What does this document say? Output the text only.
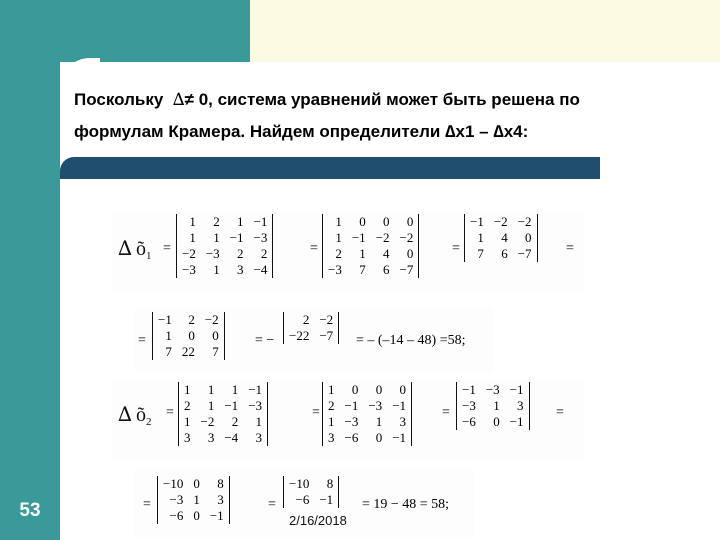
Поскольку ∆≠ 0, система уравнений может быть решена по
формулам Крамера. Найдем определители ∆x1 – ∆x4:
∆ $õ_1$ =
1	2	1	−1
1	1	−1	−3
−2	−3	2	2
−3	1	3	−4
=
1	0	0	0
1	−1	−2	−2
2	1	4	0
−3	7	6	−7
=
−1	−2	−2
1	4	0
7	6	−7 =
=
−1	2	−2
1	0	0
7	22	7
= −
2	−2
−22	−7 = – (–14 – 48) =58;
∆ $õ_2$
=
1	1	1	−1
2	1	−1	−3
1	−2	2	1
3	3	−4	3
=
1	0	0	0
2	−1	−3	−1
1	−3	1	3
3	−6	0	−1
=
−1	−3	−1
−3	1	3
−6	0	−1
=
=
−10	0	8
−3	1	3
−6	0	−1
=
−10	8
−6	−1 = 19 − 48 = 58;
53	2/16/2018
